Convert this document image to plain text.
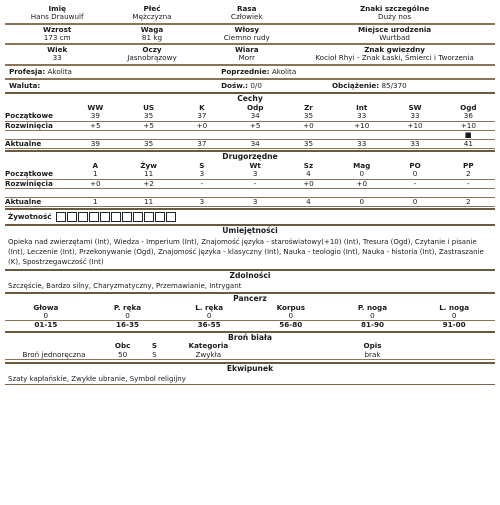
Imię	Płeć	Rasa	Znaki szczególne
Hans Drauwulf	Mężczyzna	Człowiek	Duży nos
Wzrost	Waga	Włosy	Miejsce urodzenia
173 cm	81 kg	Ciemno rudy	Wurtbad
Wiek	Oczy	Wiara	Znak gwiezdny
33	Jasnobrązowy	Morr	Kocioł Rhyi - Znak Łaski, Śmierci i Tworzenia
Profesja: Akolita	Poprzednie: Akolita
Waluta:	Dośw.: 0/0	Obciążenie: 85/370
Cechy
	WW	US	K	Odp	Zr	Int	SW	Ogd
Początkowe	39	35	37	34	35	33	33	36
Rozwinięcia	+5	+5	+0	+5	+0	+10	+10	+10
								■
Aktualne	39	35	37	34	35	33	33	41
Drugorzędne
	A	Żyw	S	Wt	Sz	Mag	PO	PP
Początkowe	1	11	3	3	4	0	0	2
Rozwinięcia	+0	+2	-	-	+0	+0	-	-

Aktualne	1	11	3	3	4	0	0	2
Żywotność
Umiejętności
Opieka nad zwierzętami (Int), Wiedza - Imperium (Int), Znajomość języka - staroświatowy(+10) (Int), Tresura (Ogd), Czytanie i pisanie (Int), Leczenie (Int), Przekonywanie (Ogd), Znajomość języka - klasyczny (Int), Nauka - teologio (Int), Nauka - historia (Int), Zastraszanie (K), Spostrzegawczość (Int)
Zdolności
Szczęście, Bardzo silny, Charyzmatyczny, Przemawianie, Intrygant
Pancerz
Głowa	P. ręka	L. ręka	Korpus	P. noga	L. noga
0	0	0	0	0	0
01-15	16-35	36-55	56-80	81-90	91-00
Broń biała
	Obc	S	Kategoria	Opis
Broń jednoręczna	50	S	Zwykła	brak
Ekwipunek
Szaty kapłańskie, Zwykłe ubranie, Symbol religijny
